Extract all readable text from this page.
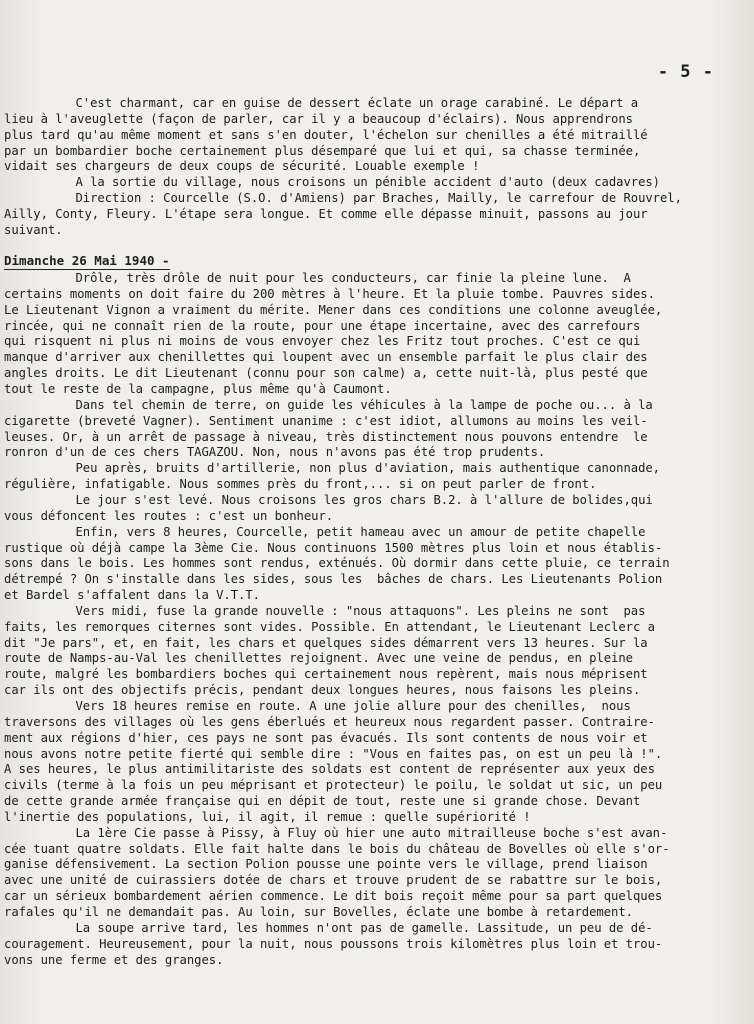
- 5 -
Dimanche 26 Mai 1940 -
C'est charmant, car en guise de dessert éclate un orage carabiné. Le départ a
lieu à l'aveuglette (façon de parler, car il y a beaucoup d'éclairs). Nous apprendrons
plus tard qu'au même moment et sans s'en douter, l'échelon sur chenilles a été mitraillé
par un bombardier boche certainement plus désemparé que lui et qui, sa chasse terminée,
vidait ses chargeurs de deux coups de sécurité. Louable exemple !
A la sortie du village, nous croisons un pénible accident d'auto (deux cadavres)
Direction : Courcelle (S.O. d'Amiens) par Braches, Mailly, le carrefour de Rouvrel,
Ailly, Conty, Fleury. L'étape sera longue. Et comme elle dépasse minuit, passons au jour
suivant.
Drôle, très drôle de nuit pour les conducteurs, car finie la pleine lune.  A
certains moments on doit faire du 200 mètres à l'heure. Et la pluie tombe. Pauvres sides.
Le Lieutenant Vignon a vraiment du mérite. Mener dans ces conditions une colonne aveuglée,
rincée, qui ne connaît rien de la route, pour une étape incertaine, avec des carrefours
qui risquent ni plus ni moins de vous envoyer chez les Fritz tout proches. C'est ce qui
manque d'arriver aux chenillettes qui loupent avec un ensemble parfait le plus clair des
angles droits. Le dit Lieutenant (connu pour son calme) a, cette nuit-là, plus pesté que
tout le reste de la campagne, plus même qu'à Caumont.
Dans tel chemin de terre, on guide les véhicules à la lampe de poche ou... à la
cigarette (breveté Vagner). Sentiment unanime : c'est idiot, allumons au moins les veil-
leuses. Or, à un arrêt de passage à niveau, très distinctement nous pouvons entendre  le
ronron d'un de ces chers TAGAZOU. Non, nous n'avons pas été trop prudents.
Peu après, bruits d'artillerie, non plus d'aviation, mais authentique canonnade,
régulière, infatigable. Nous sommes près du front,... si on peut parler de front.
Le jour s'est levé. Nous croisons les gros chars B.2. à l'allure de bolides,qui
vous défoncent les routes : c'est un bonheur.
Enfin, vers 8 heures, Courcelle, petit hameau avec un amour de petite chapelle
rustique où déjà campe la 3ème Cie. Nous continuons 1500 mètres plus loin et nous établis-
sons dans le bois. Les hommes sont rendus, exténués. Où dormir dans cette pluie, ce terrain
détrempé ? On s'installe dans les sides, sous les  bâches de chars. Les Lieutenants Polion
et Bardel s'affalent dans la V.T.T.
Vers midi, fuse la grande nouvelle : "nous attaquons". Les pleins ne sont  pas
faits, les remorques citernes sont vides. Possible. En attendant, le Lieutenant Leclerc a
dit "Je pars", et, en fait, les chars et quelques sides démarrent vers 13 heures. Sur la
route de Namps-au-Val les chenillettes rejoignent. Avec une veine de pendus, en pleine
route, malgré les bombardiers boches qui certainement nous repèrent, mais nous méprisent
car ils ont des objectifs précis, pendant deux longues heures, nous faisons les pleins.
Vers 18 heures remise en route. A une jolie allure pour des chenilles,  nous
traversons des villages où les gens éberlués et heureux nous regardent passer. Contraire-
ment aux régions d'hier, ces pays ne sont pas évacués. Ils sont contents de nous voir et
nous avons notre petite fierté qui semble dire : "Vous en faites pas, on est un peu là !".
A ses heures, le plus antimilitariste des soldats est content de représenter aux yeux des
civils (terme à la fois un peu méprisant et protecteur) le poilu, le soldat ut sic, un peu
de cette grande armée française qui en dépit de tout, reste une si grande chose. Devant
l'inertie des populations, lui, il agit, il remue : quelle supériorité !
La 1ère Cie passe à Pissy, à Fluy où hier une auto mitrailleuse boche s'est avan-
cée tuant quatre soldats. Elle fait halte dans le bois du château de Bovelles où elle s'or-
ganise défensivement. La section Polion pousse une pointe vers le village, prend liaison
avec une unité de cuirassiers dotée de chars et trouve prudent de se rabattre sur le bois,
car un sérieux bombardement aérien commence. Le dit bois reçoit même pour sa part quelques
rafales qu'il ne demandait pas. Au loin, sur Bovelles, éclate une bombe à retardement.
La soupe arrive tard, les hommes n'ont pas de gamelle. Lassitude, un peu de dé-
couragement. Heureusement, pour la nuit, nous poussons trois kilomètres plus loin et trou-
vons une ferme et des granges.
